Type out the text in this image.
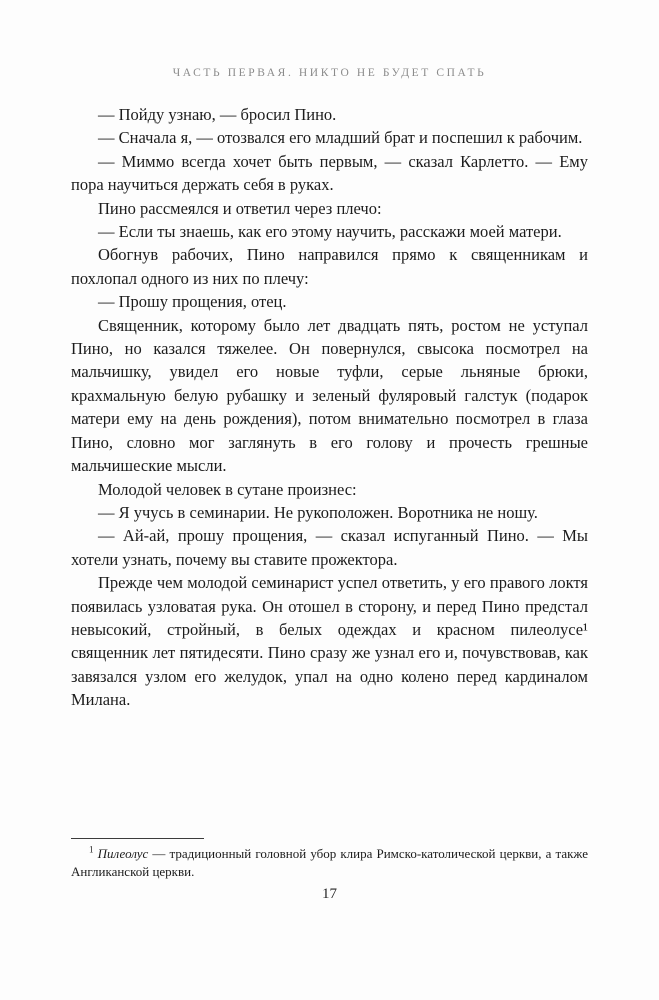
ЧАСТЬ ПЕРВАЯ. НИКТО НЕ БУДЕТ СПАТЬ

— Пойду узнаю, — бросил Пино.

— Сначала я, — отозвался его младший брат и поспешил к рабочим.

— Миммо всегда хочет быть первым, — сказал Карлетто. — Ему пора научиться держать себя в руках.

Пино рассмеялся и ответил через плечо:

— Если ты знаешь, как его этому научить, расскажи моей матери.

Обогнув рабочих, Пино направился прямо к священникам и похлопал одного из них по плечу:

— Прошу прощения, отец.

Священник, которому было лет двадцать пять, ростом не уступал Пино, но казался тяжелее. Он повернулся, свысока посмотрел на мальчишку, увидел его новые туфли, серые льняные брюки, крахмальную белую рубашку и зеленый фуляровый галстук (подарок матери ему на день рождения), потом внимательно посмотрел в глаза Пино, словно мог заглянуть в его голову и прочесть грешные мальчишеские мысли.

Молодой человек в сутане произнес:

— Я учусь в семинарии. Не рукоположен. Воротника не ношу.

— Ай-ай, прошу прощения, — сказал испуганный Пино. — Мы хотели узнать, почему вы ставите прожектора.

Прежде чем молодой семинарист успел ответить, у его правого локтя появилась узловатая рука. Он отошел в сторону, и перед Пино предстал невысокий, стройный, в белых одеждах и красном пилеолусе¹ священник лет пятидесяти. Пино сразу же узнал его и, почувствовав, как завязался узлом его желудок, упал на одно колено перед кардиналом Милана.

$^1$ Пилеолус — традиционный головной убор клира Римско-католической церкви, а также Англиканской церкви.

17
